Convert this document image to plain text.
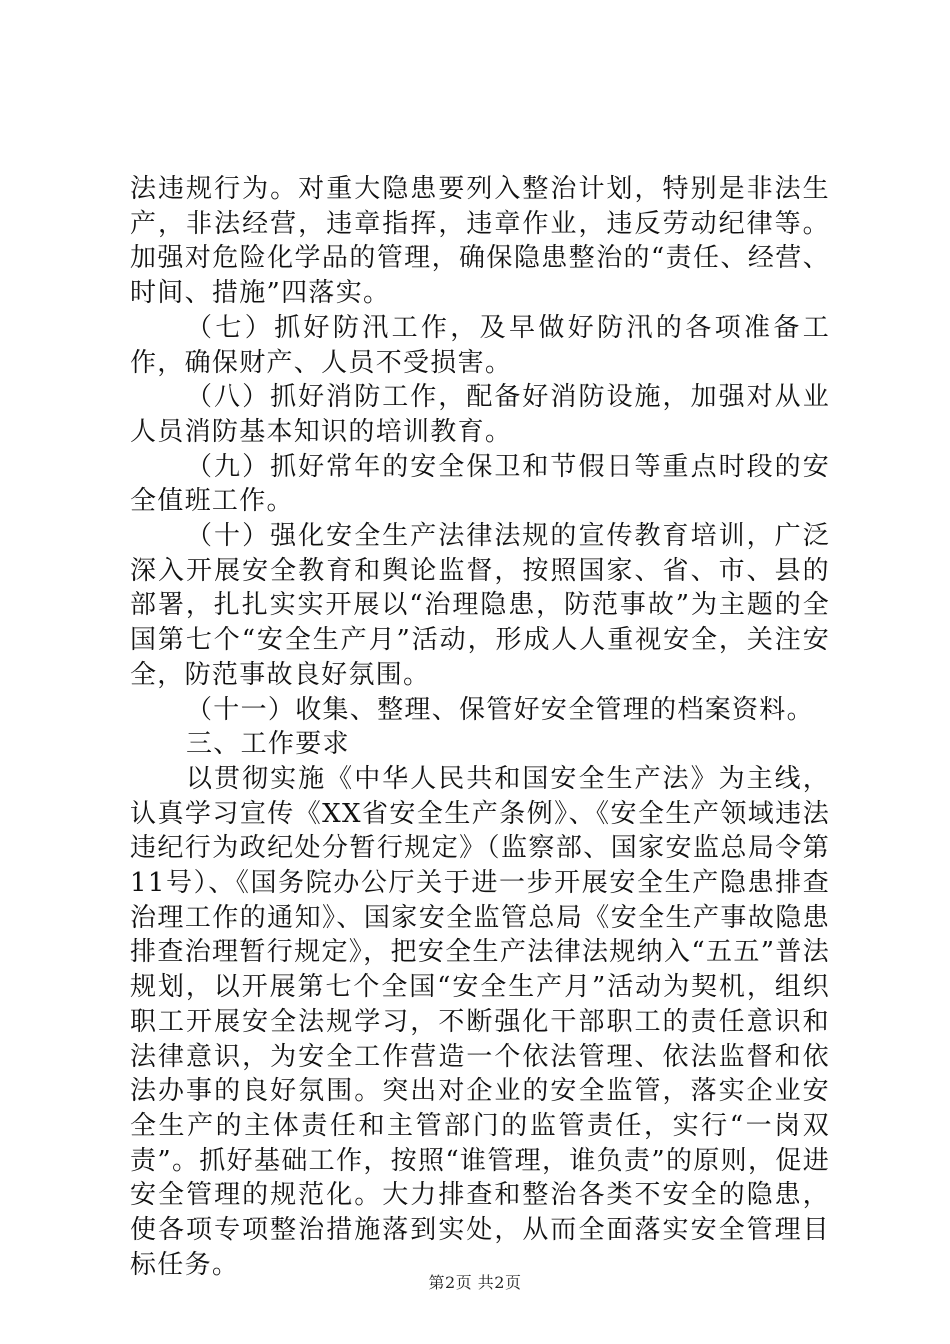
法违规行为。对重大隐患要列入整治计划，特别是非法生产，非法经营，违章指挥，违章作业，违反劳动纪律等。加强对危险化学品的管理，确保隐患整治的“责任、经营、时间、措施”四落实。

（七）抓好防汛工作，及早做好防汛的各项准备工作，确保财产、人员不受损害。

（八）抓好消防工作，配备好消防设施，加强对从业人员消防基本知识的培训教育。

（九）抓好常年的安全保卫和节假日等重点时段的安全值班工作。

（十）强化安全生产法律法规的宣传教育培训，广泛深入开展安全教育和舆论监督，按照国家、省、市、县的部署，扎扎实实开展以“治理隐患，防范事故”为主题的全国第七个“安全生产月”活动，形成人人重视安全，关注安全，防范事故良好氛围。

（十一）收集、整理、保管好安全管理的档案资料。

三、工作要求

以贯彻实施《中华人民共和国安全生产法》为主线，认真学习宣传《XX省安全生产条例》、《安全生产领域违法违纪行为政纪处分暂行规定》（监察部、国家安监总局令第11号）、《国务院办公厅关于进一步开展安全生产隐患排查治理工作的通知》、国家安全监管总局《安全生产事故隐患排查治理暂行规定》，把安全生产法律法规纳入“五五”普法规划，以开展第七个全国“安全生产月”活动为契机，组织职工开展安全法规学习，不断强化干部职工的责任意识和法律意识，为安全工作营造一个依法管理、依法监督和依法办事的良好氛围。突出对企业的安全监管，落实企业安全生产的主体责任和主管部门的监管责任，实行“一岗双责”。抓好基础工作，按照“谁管理，谁负责”的原则，促进安全管理的规范化。大力排查和整治各类不安全的隐患，使各项专项整治措施落到实处，从而全面落实安全管理目标任务。

第2页 共2页
